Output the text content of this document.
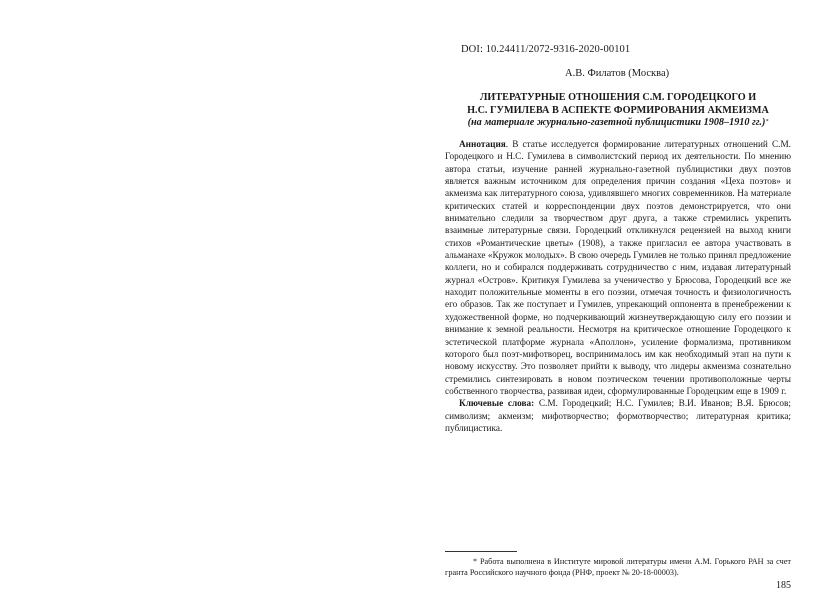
DOI: 10.24411/2072-9316-2020-00101
А.В. Филатов (Москва)
ЛИТЕРАТУРНЫЕ ОТНОШЕНИЯ С.М. ГОРОДЕЦКОГО И
Н.С. ГУМИЛЕВА В АСПЕКТЕ ФОРМИРОВАНИЯ АКМЕИЗМА
(на материале журнально-газетной публицистики 1908–1910 гг.)*

Аннотация. В статье исследуется формирование литературных отношений С.М. Городецкого и Н.С. Гумилева в символистский период их деятельности. По мнению автора статьи, изучение ранней журнально-газетной публицистики двух поэтов является важным источником для определения причин создания «Цеха поэтов» и акмеизма как литературного союза, удивлявшего многих современников. На материале критических статей и корреспонденции двух поэтов демонстрируется, что они внимательно следили за творчеством друг друга, а также стремились укрепить взаимные литературные связи. Городецкий откликнулся рецензией на выход книги стихов «Романтические цветы» (1908), а также пригласил ее автора участвовать в альманахе «Кружок молодых». В свою очередь Гумилев не только принял предложение коллеги, но и собирался поддерживать сотрудничество с ним, издавая литературный журнал «Остров». Критикуя Гумилева за ученичество у Брюсова, Городецкий все же находит положительные моменты в его поэзии, отмечая точность и физиологичность его образов. Так же поступает и Гумилев, упрекающий оппонента в пренебрежении к художественной форме, но подчеркивающий жизнеутверждающую силу его поэзии и внимание к земной реальности. Несмотря на критическое отношение Городецкого к эстетической платформе журнала «Аполлон», усиление формализма, противником которого был поэт-мифотворец, воспринималось им как необходимый этап на пути к новому искусству. Это позволяет прийти к выводу, что лидеры акмеизма сознательно стремились синтезировать в новом поэтическом течении противоположные черты собственного творчества, развивая идеи, сформулированные Городецким еще в 1909 г.

Ключевые слова: С.М. Городецкий; Н.С. Гумилев; В.И. Иванов; В.Я. Брюсов; символизм; акмеизм; мифотворчество; формотворчество; литературная критика; публицистика.

* Работа выполнена в Институте мировой литературы имени А.М. Горького РАН за счет гранта Российского научного фонда (РНФ, проект № 20-18-00003).
185
